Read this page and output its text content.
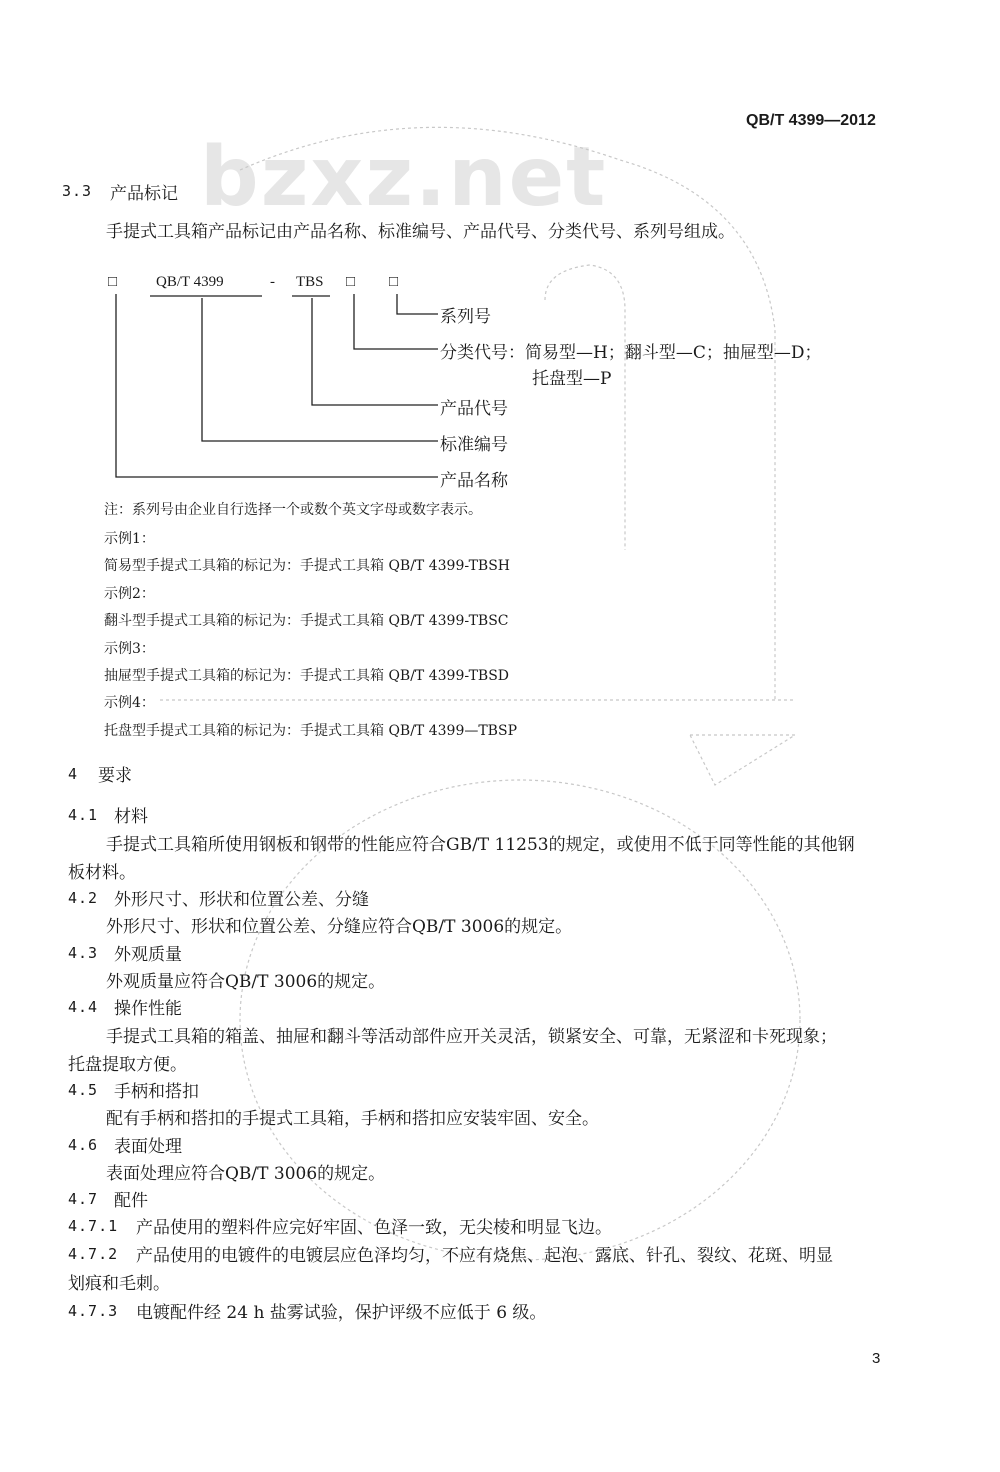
bzxz.net
QB/T 4399—2012
3.3 产品标记
手提式工具箱产品标记由产品名称、标准编号、产品代号、分类代号、系列号组成。
□	QB/T 4399	- TBS □ □
系列号
分类代号：简易型—H；翻斗型—C；抽屉型—D；
托盘型—P
产品代号
标准编号
产品名称
注：系列号由企业自行选择一个或数个英文字母或数字表示。
示例1：
简易型手提式工具箱的标记为：手提式工具箱 QB/T 4399-TBSH
示例2：
翻斗型手提式工具箱的标记为：手提式工具箱 QB/T 4399-TBSC
示例3：
抽屉型手提式工具箱的标记为：手提式工具箱 QB/T 4399-TBSD
示例4：
托盘型手提式工具箱的标记为：手提式工具箱 QB/T 4399—TBSP
4 要求
4.1 材料
手提式工具箱所使用钢板和钢带的性能应符合GB/T 11253的规定，或使用不低于同等性能的其他钢
板材料。
4.2 外形尺寸、形状和位置公差、分缝
外形尺寸、形状和位置公差、分缝应符合QB/T 3006的规定。
4.3 外观质量
外观质量应符合QB/T 3006的规定。
4.4 操作性能
手提式工具箱的箱盖、抽屉和翻斗等活动部件应开关灵活，锁紧安全、可靠，无紧涩和卡死现象；
托盘提取方便。
4.5 手柄和搭扣
配有手柄和搭扣的手提式工具箱，手柄和搭扣应安装牢固、安全。
4.6 表面处理
表面处理应符合QB/T 3006的规定。
4.7 配件
4.7.1 产品使用的塑料件应完好牢固、色泽一致，无尖棱和明显飞边。
4.7.2 产品使用的电镀件的电镀层应色泽均匀，不应有烧焦、起泡、露底、针孔、裂纹、花斑、明显
划痕和毛刺。
4.7.3 电镀配件经 24 h 盐雾试验，保护评级不应低于 6 级。
3
